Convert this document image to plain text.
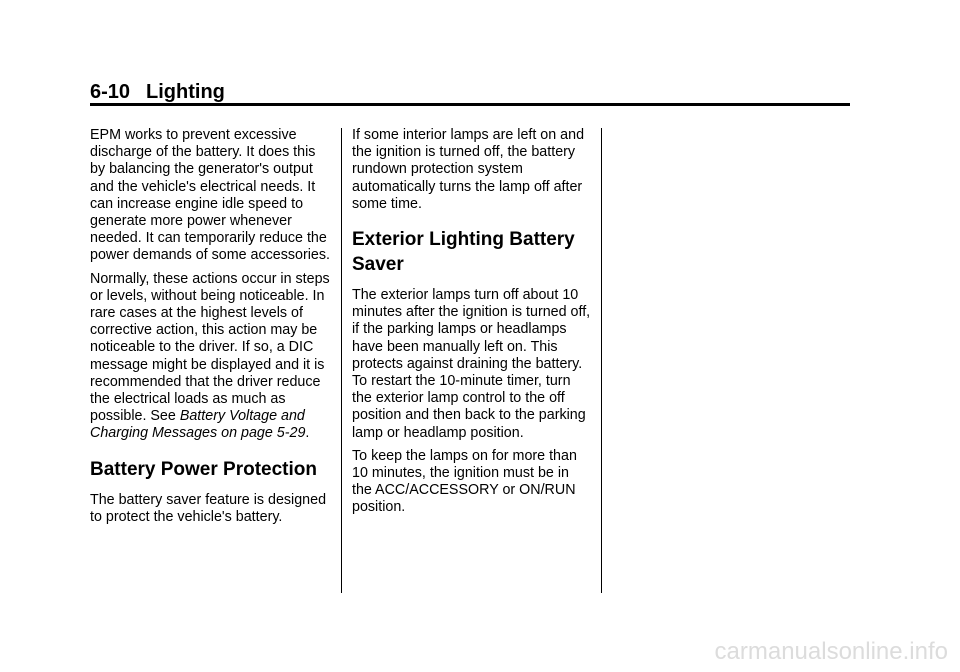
6-10 Lighting

EPM works to prevent excessive discharge of the battery. It does this by balancing the generator's output and the vehicle's electrical needs. It can increase engine idle speed to generate more power whenever needed. It can temporarily reduce the power demands of some accessories.

Normally, these actions occur in steps or levels, without being noticeable. In rare cases at the highest levels of corrective action, this action may be noticeable to the driver. If so, a DIC message might be displayed and it is recommended that the driver reduce the electrical loads as much as possible. See Battery Voltage and Charging Messages on page 5-29.

Battery Power Protection

The battery saver feature is designed to protect the vehicle's battery.

If some interior lamps are left on and the ignition is turned off, the battery rundown protection system automatically turns the lamp off after some time.

Exterior Lighting Battery Saver

The exterior lamps turn off about 10 minutes after the ignition is turned off, if the parking lamps or headlamps have been manually left on. This protects against draining the battery. To restart the 10-minute timer, turn the exterior lamp control to the off position and then back to the parking lamp or headlamp position.

To keep the lamps on for more than 10 minutes, the ignition must be in the ACC/ACCESSORY or ON/RUN position.

carmanualsonline.info
